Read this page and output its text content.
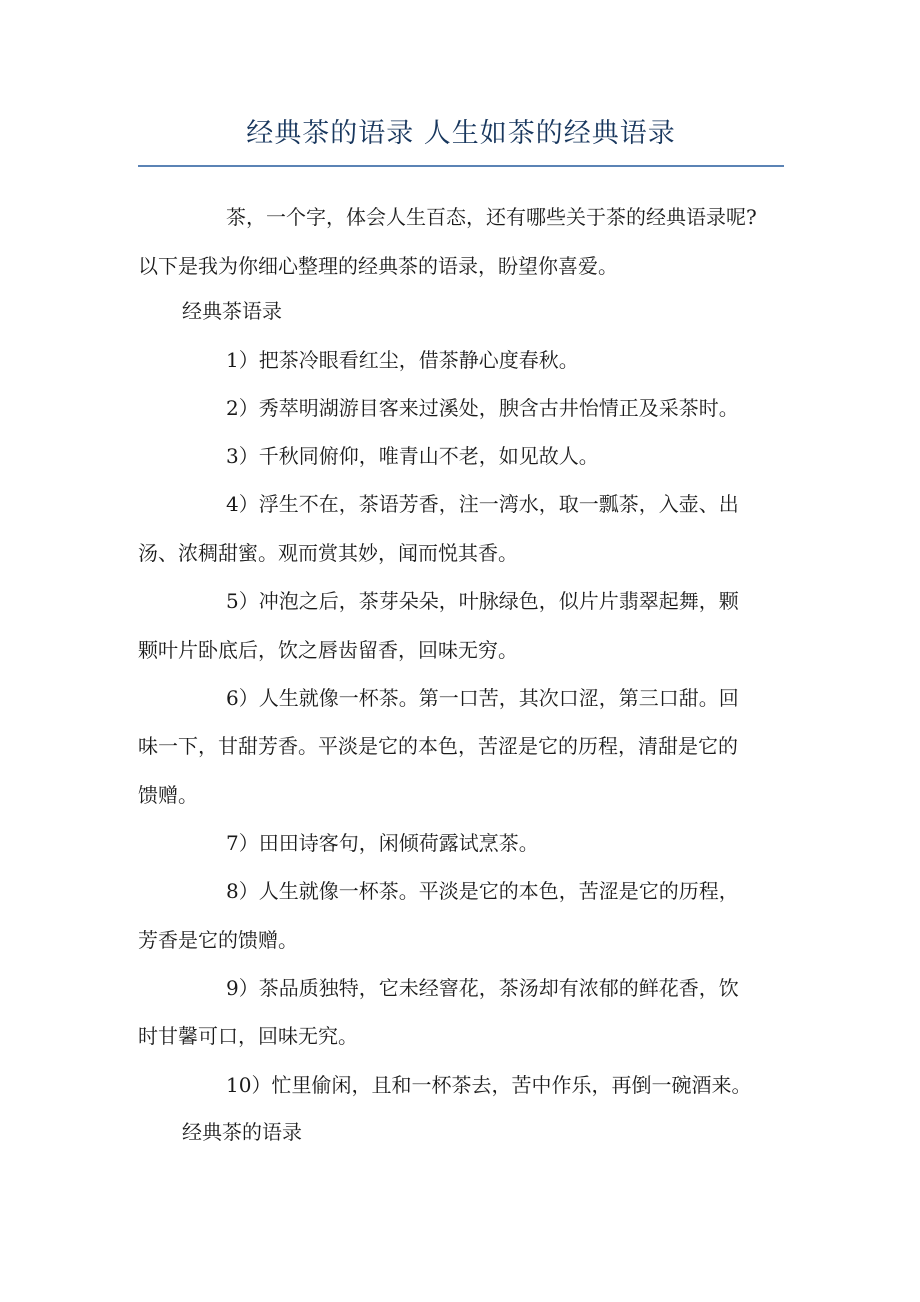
经典茶的语录 人生如茶的经典语录
茶，一个字，体会人生百态，还有哪些关于茶的经典语录呢?
以下是我为你细心整理的经典茶的语录，盼望你喜爱。
经典茶语录
1）把茶冷眼看红尘，借茶静心度春秋。
2）秀萃明湖游目客来过溪处，腴含古井怡情正及采茶时。
3）千秋同俯仰，唯青山不老，如见故人。
4）浮生不在，茶语芳香，注一湾水，取一瓢茶，入壶、出
汤、浓稠甜蜜。观而赏其妙，闻而悦其香。
5）冲泡之后，茶芽朵朵，叶脉绿色，似片片翡翠起舞，颗
颗叶片卧底后，饮之唇齿留香，回味无穷。
6）人生就像一杯茶。第一口苦，其次口涩，第三口甜。回
味一下，甘甜芳香。平淡是它的本色，苦涩是它的历程，清甜是它的
馈赠。
7）田田诗客句，闲倾荷露试烹茶。
8）人生就像一杯茶。平淡是它的本色，苦涩是它的历程，
芳香是它的馈赠。
9）茶品质独特，它未经窨花，茶汤却有浓郁的鲜花香，饮
时甘馨可口，回味无究。
10）忙里偷闲，且和一杯茶去，苦中作乐，再倒一碗酒来。
经典茶的语录
